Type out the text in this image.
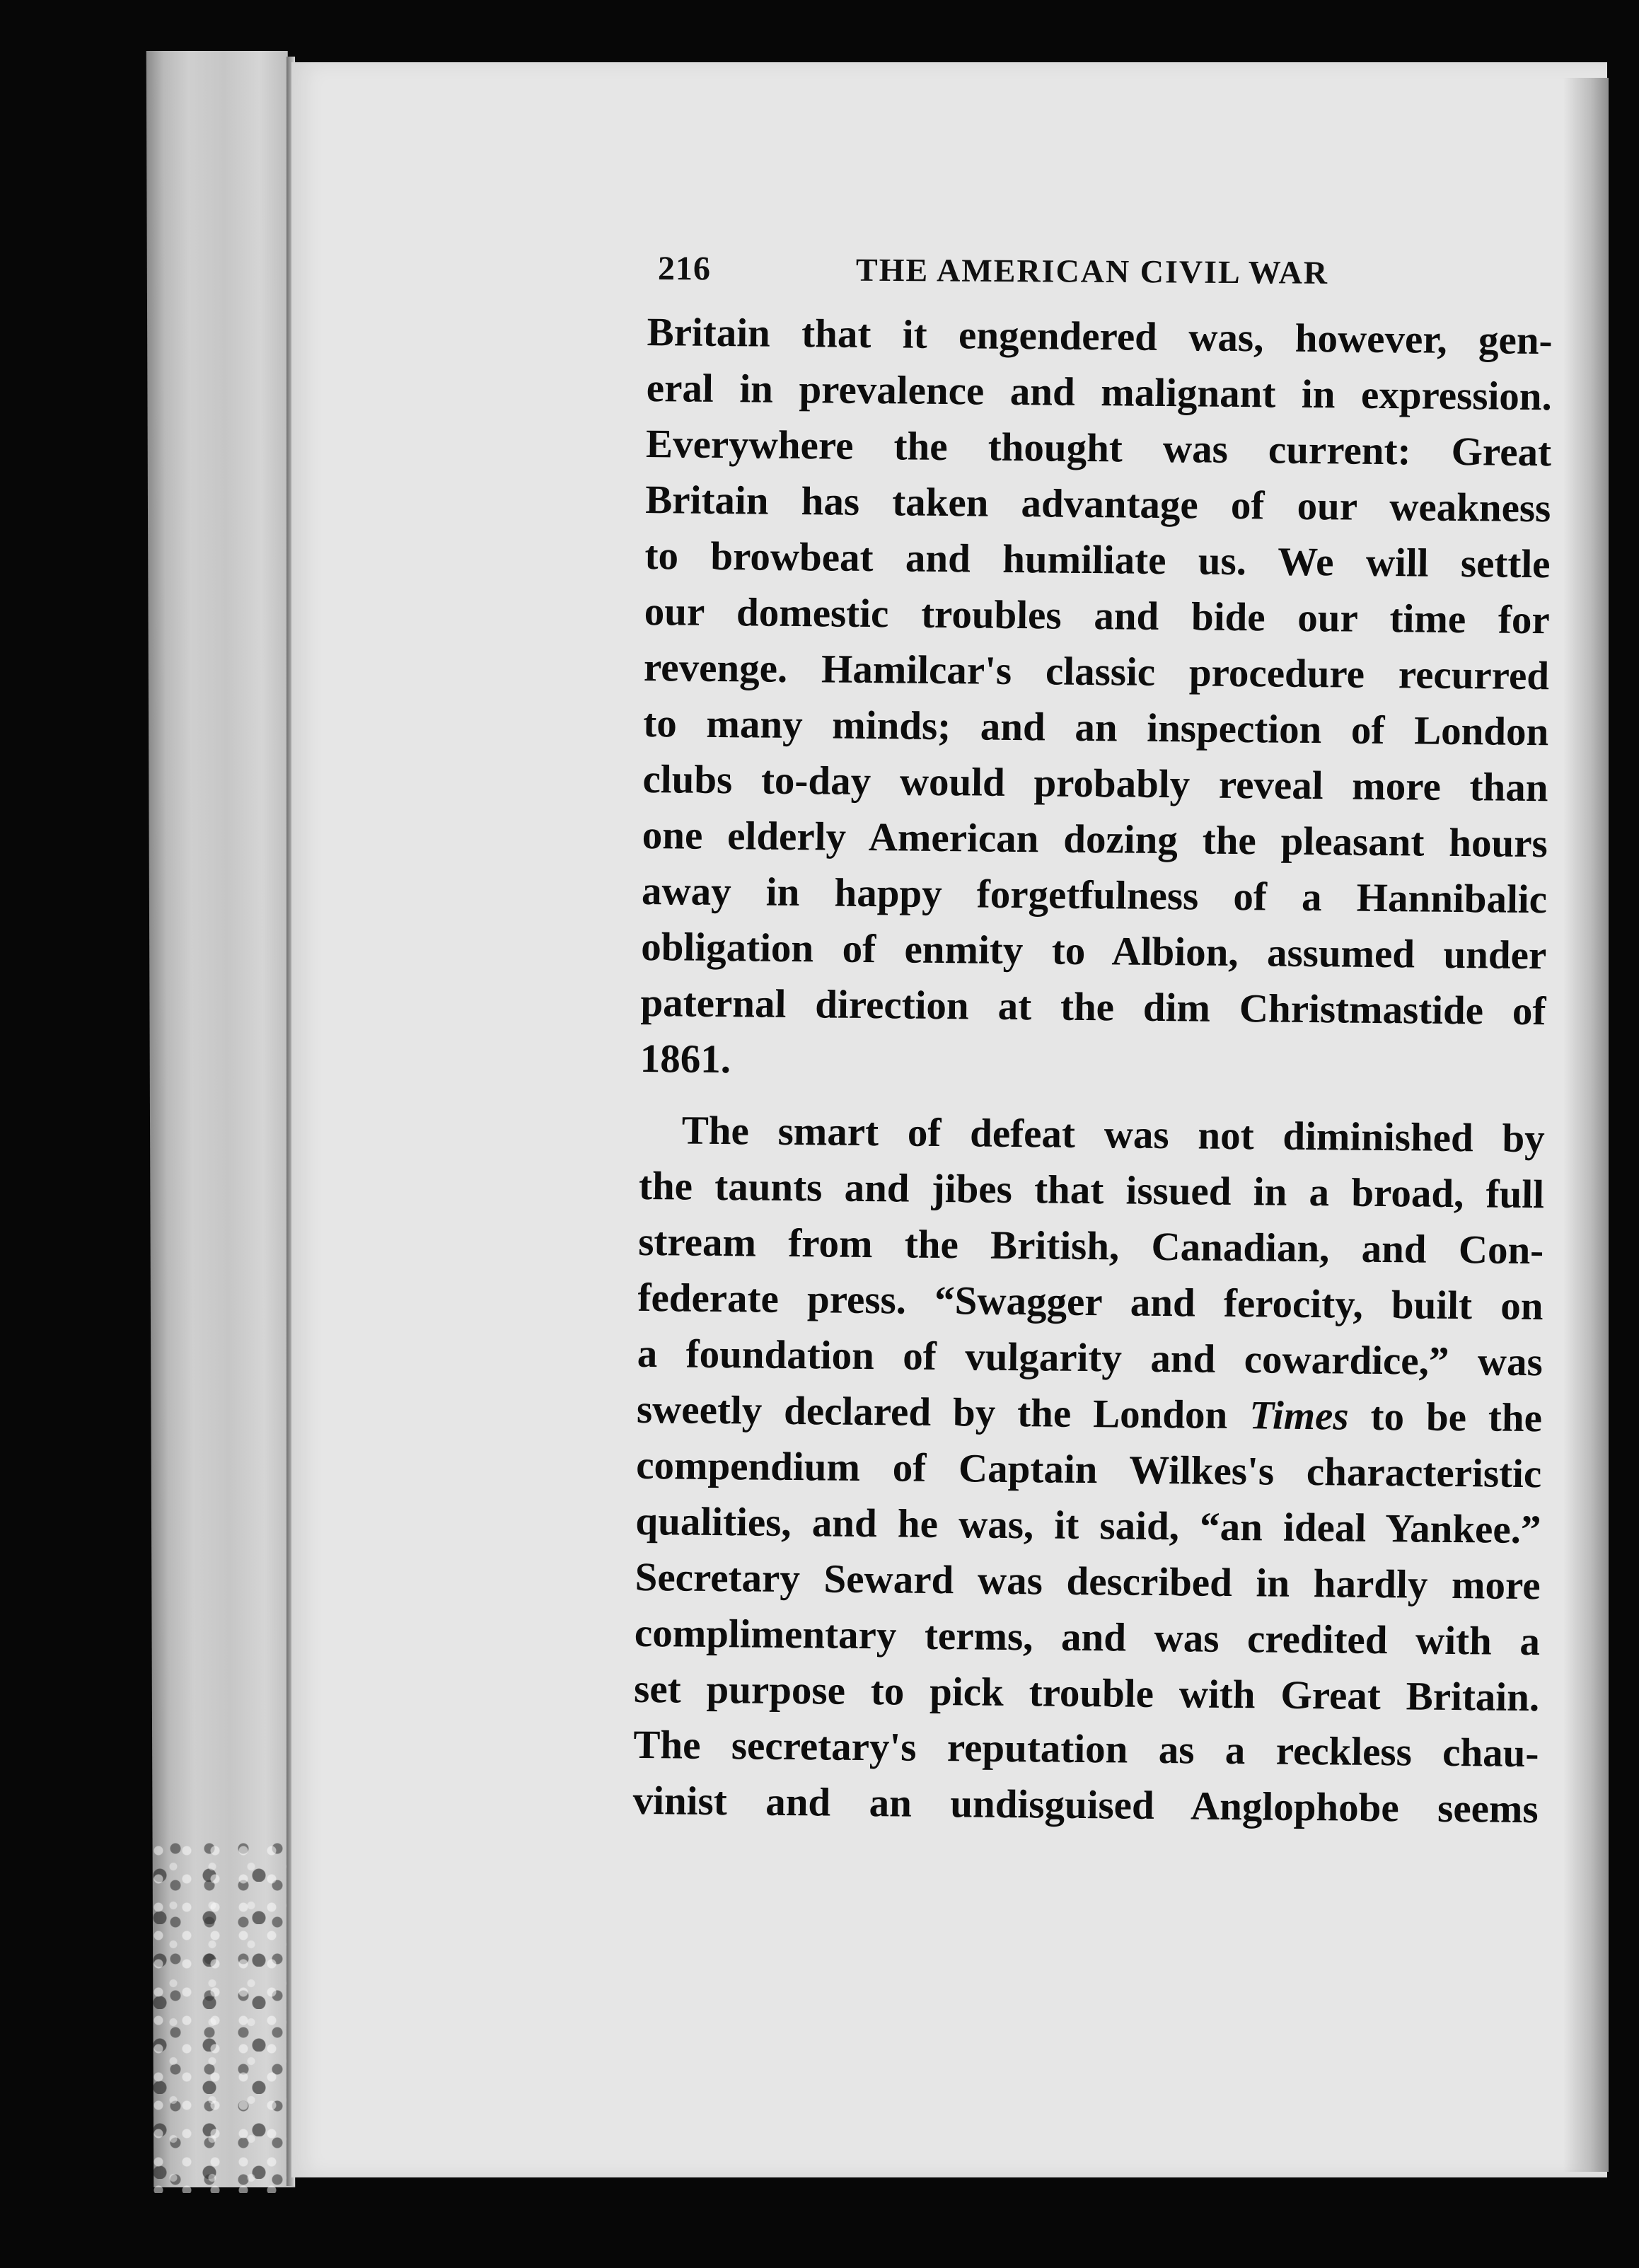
216	THE AMERICAN CIVIL WAR
Britain that it engendered was, however, gen-
eral in prevalence and malignant in expression.
Everywhere the thought was current: Great
Britain has taken advantage of our weakness
to browbeat and humiliate us. We will settle
our domestic troubles and bide our time for
revenge. Hamilcar's classic procedure recurred
to many minds; and an inspection of London
clubs to-day would probably reveal more than
one elderly American dozing the pleasant hours
away in happy forgetfulness of a Hannibalic
obligation of enmity to Albion, assumed under
paternal direction at the dim Christmastide of
1861.
The smart of defeat was not diminished by
the taunts and jibes that issued in a broad, full
stream from the British, Canadian, and Con-
federate press. “Swagger and ferocity, built on
a foundation of vulgarity and cowardice,” was
sweetly declared by the London Times to be the
compendium of Captain Wilkes's characteristic
qualities, and he was, it said, “an ideal Yankee.”
Secretary Seward was described in hardly more
complimentary terms, and was credited with a
set purpose to pick trouble with Great Britain.
The secretary's reputation as a reckless chau-
vinist and an undisguised Anglophobe seems
